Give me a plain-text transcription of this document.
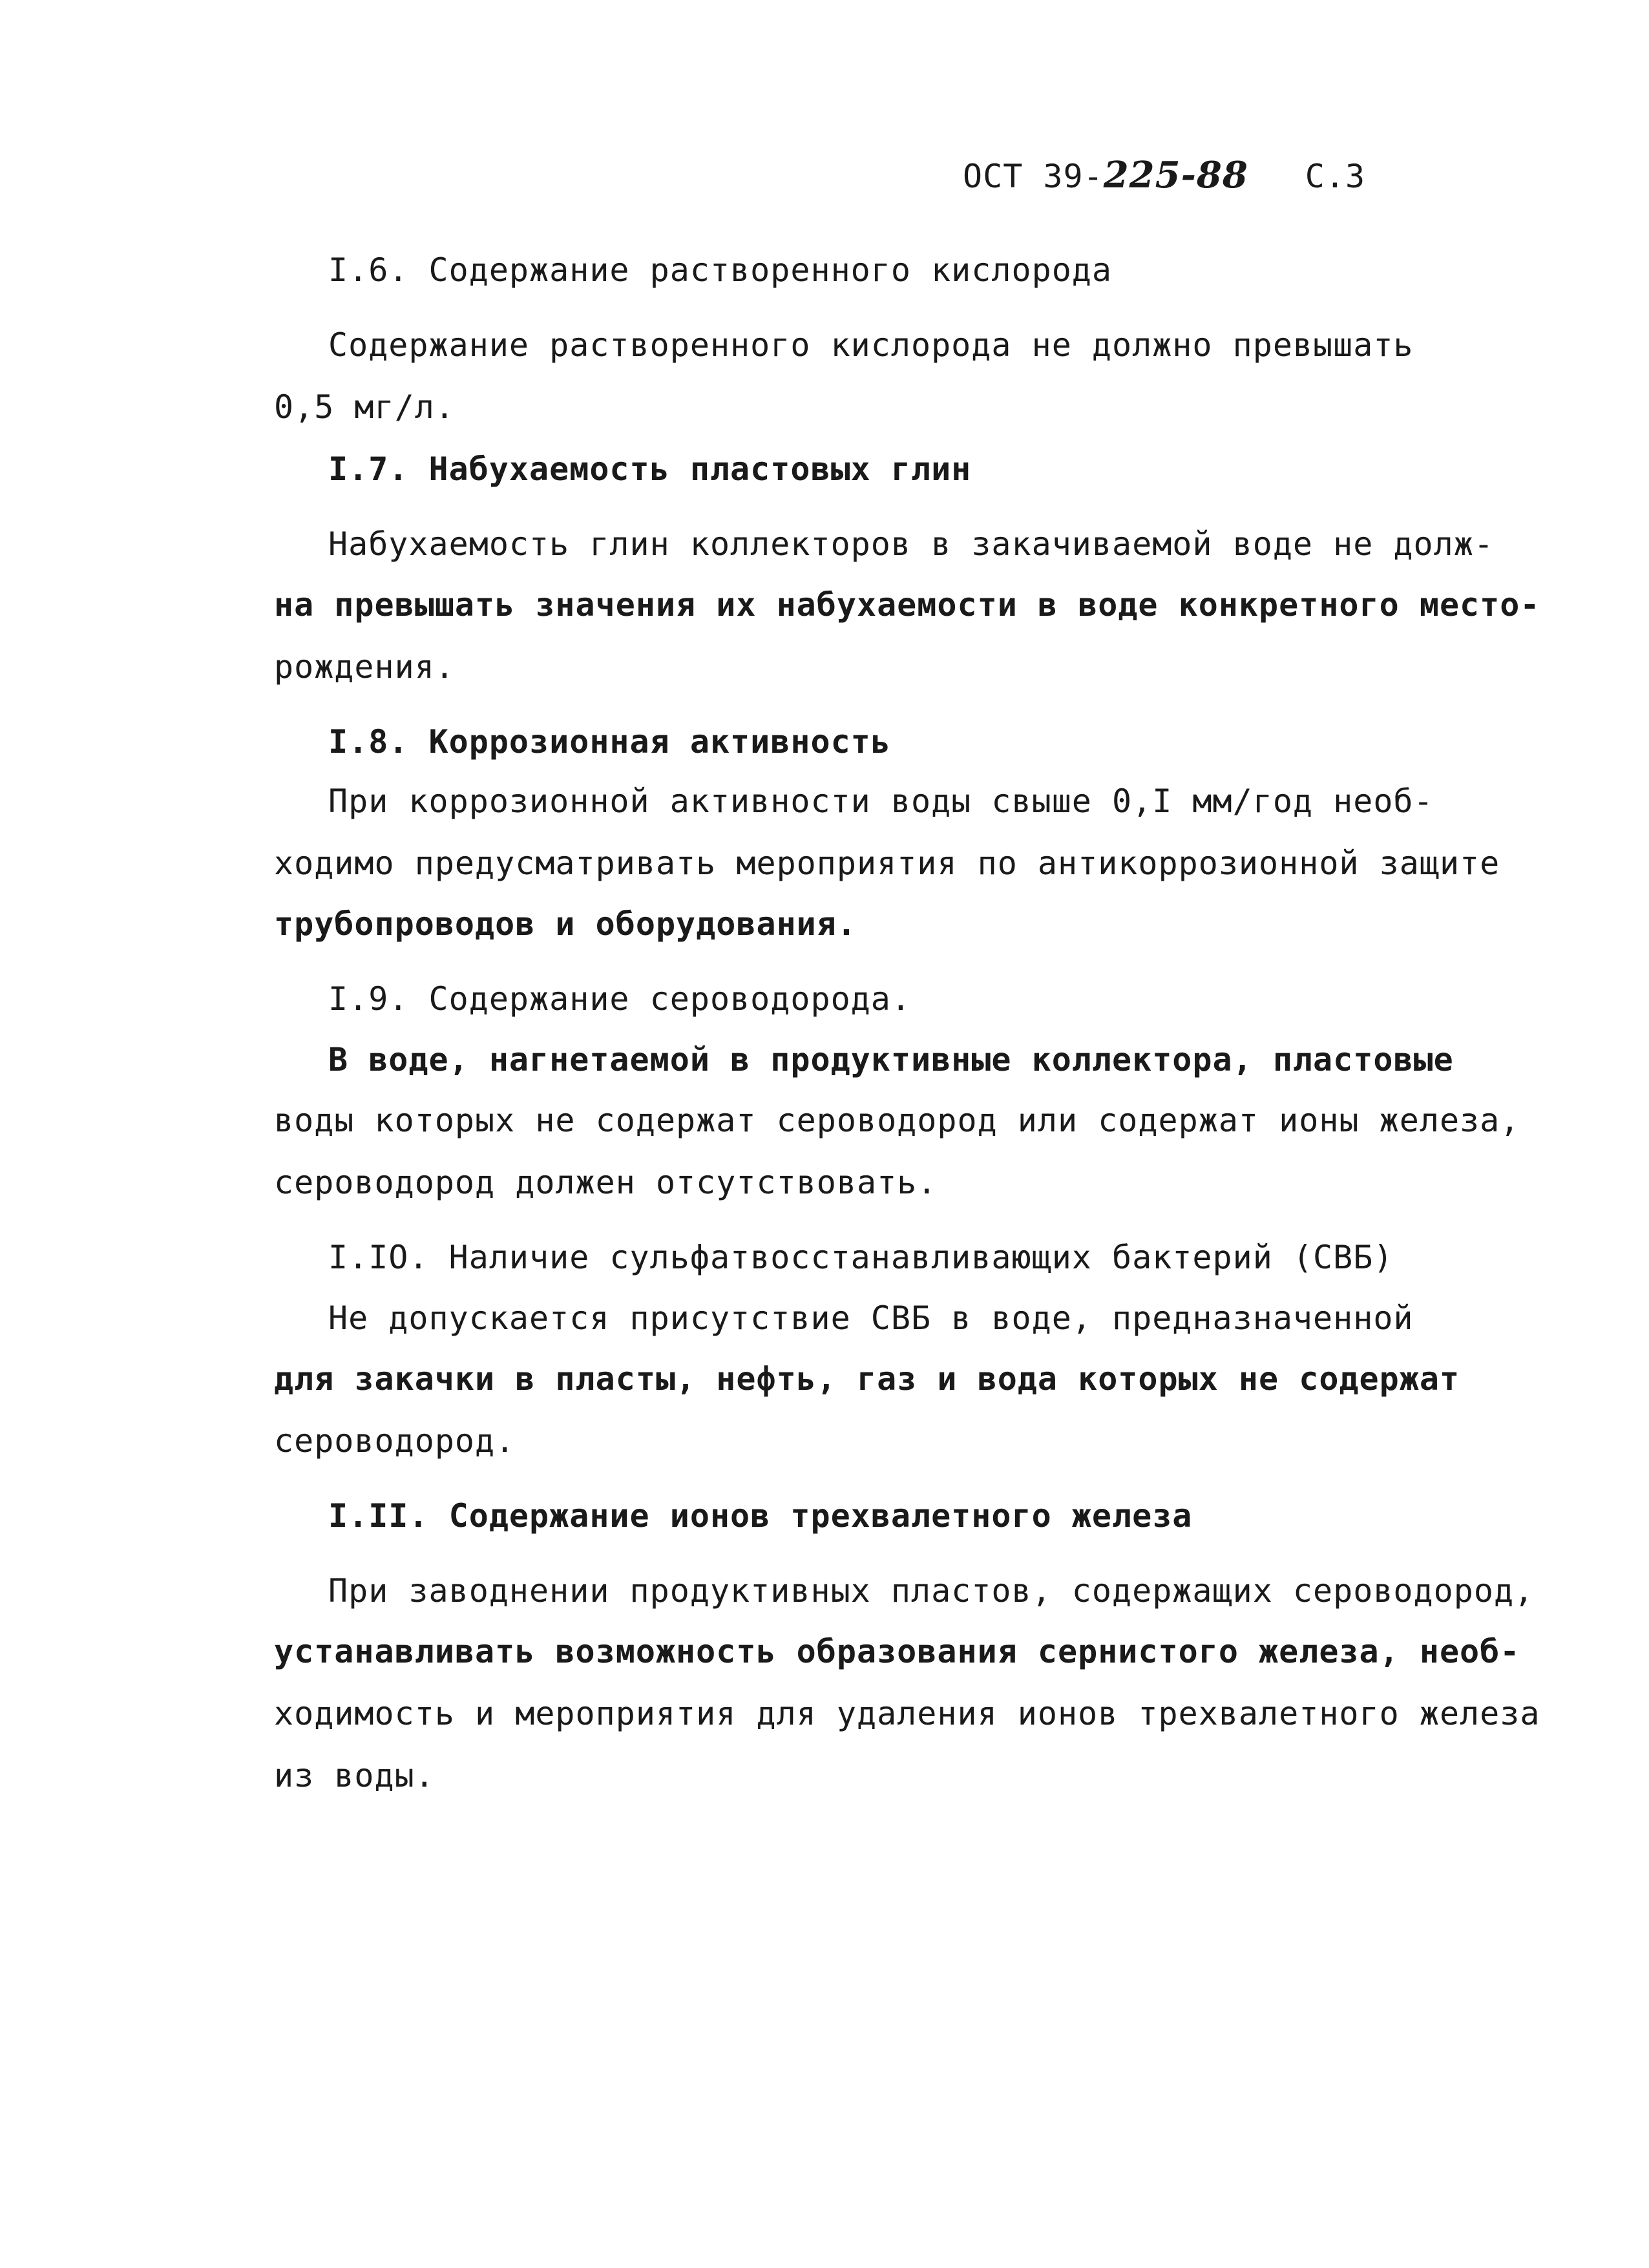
ОСТ 39-225-88 С.3
I.6. Содержание растворенного кислорода
Содержание растворенного кислорода не должно превышать
0,5 мг/л.
I.7. Набухаемость пластовых глин
Набухаемость глин коллекторов в закачиваемой воде не долж-
на превышать значения их набухаемости в воде конкретного место-
рождения.
I.8. Коррозионная активность
При коррозионной активности воды свыше 0,I мм/год необ-
ходимо предусматривать мероприятия по антикоррозионной защите
трубопроводов и оборудования.
I.9. Содержание сероводорода.
В воде, нагнетаемой в продуктивные коллектора, пластовые
воды которых не содержат сероводород или содержат ионы железа,
сероводород должен отсутствовать.
I.IO. Наличие сульфатвосстанавливающих бактерий (СВБ)
Не допускается присутствие СВБ в воде, предназначенной
для закачки в пласты, нефть, газ и вода которых не содержат
сероводород.
I.II. Содержание ионов трехвалетного железа
При заводнении продуктивных пластов, содержащих сероводород,
устанавливать возможность образования сернистого железа, необ-
ходимость и мероприятия для удаления ионов трехвалетного железа
из воды.
